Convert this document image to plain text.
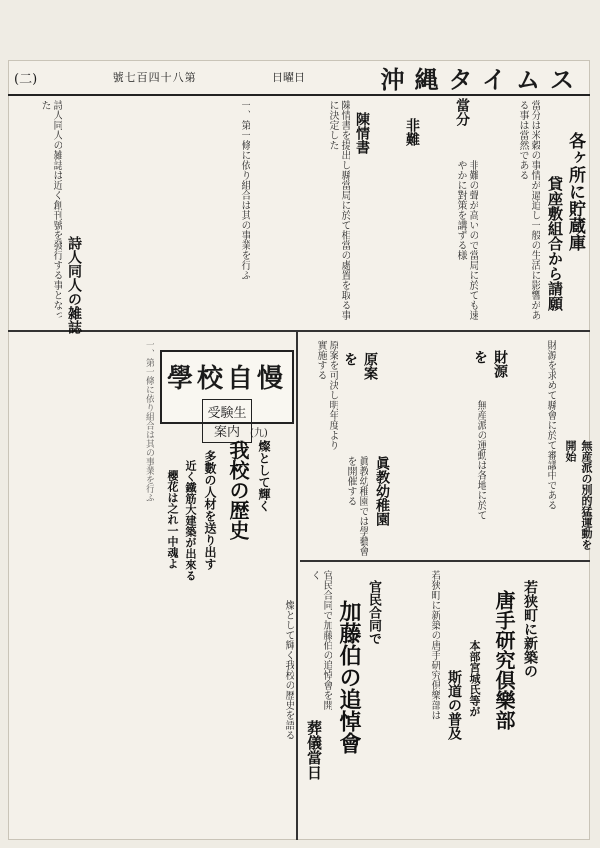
(二)	號七百四十八第	日曜日	沖縄タイムス
各ヶ所に貯蔵庫
貸座敷組合から請願
當分
非難
陳情書
詩人同人の雑誌	當分は米穀の事情が逼迫し一般の生活に影響がある事は當然である
非難の聲が高いので當局に於ても速やかに對策を講ずる様
陳情書を提出し縣當局に於て相當の處置を取る事に決定した
一、第一條に依り組合は其の事業を行ふ
詩人同人の雑誌は近く創刊號を發行する事となった
財源を
原案を
眞教幼稚園	無産派の別的猛運動を開始
財源を求めて縣會に於て審議中である
原案を可決し明年度より實施する
眞教幼稚園では學藝會を開催する	無産派の運動は各地に於て
學校自慢
受験生案内	(九)
燦として輝く
我校の歴史
多數の人材を送り出す
近く鐵筋大建築が出來る
櫻花は之れ一中魂よ
燦として輝く我校の歴史を語る
一、第一條に依り組合は其の事業を行ふ
若狭町に新築の
唐手研究倶樂部
本部宮城氏等が
斯道の普及
若狭町に新築の唐手研究倶樂部は
官民合同で
加藤伯の追悼會
葬儀當日
官民合同で加藤伯の追悼會を開く
